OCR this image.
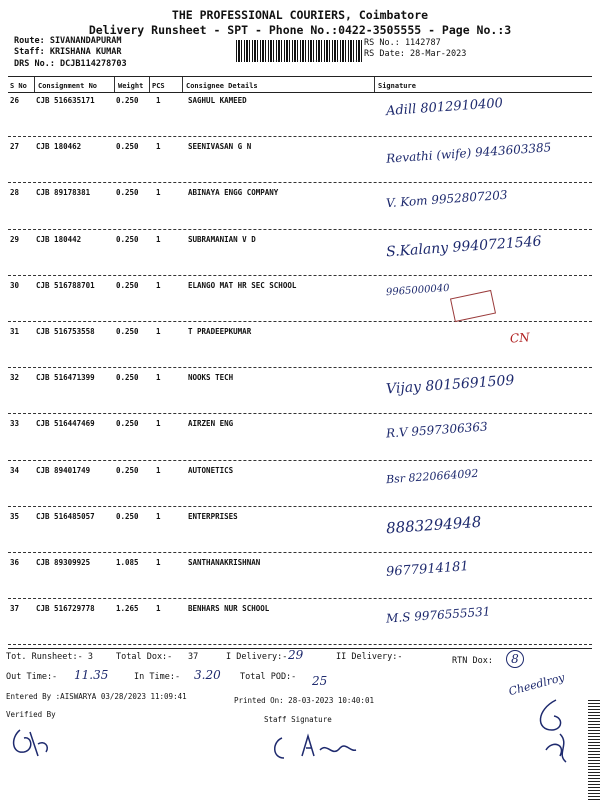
THE PROFESSIONAL COURIERS, Coimbatore
Delivery Runsheet - SPT - Phone No.:0422-3505555 - Page No.:3
Route: SIVANANDAPURAM
Staff: KRISHANA KUMAR
DRS No.: DCJB114278703
RS No.: 1142787
RS Date: 28-Mar-2023
S No Consignment No	Weight PCS	Consignee Details	Signature
26 CJB 516635171	0.250 1	SAGHUL KAMEED	Adill 8012910400
27 CJB 180462	0.250 1	SEENIVASAN G N	Revathi (wife) 9443603385
28 CJB 89178381	0.250 1	ABINAYA ENGG COMPANY	V. Kom 9952807203
29 CJB 180442	0.250 1	SUBRAMANIAN V D	S.Kalany 9940721546
30 CJB 516788701	0.250 1	ELANGO MAT HR SEC SCHOOL	9965000040
31 CJB 516753558	0.250 1	T PRADEEPKUMAR	CN
32 CJB 516471399	0.250 1	NOOKS TECH	Vijay 8015691509
33 CJB 516447469	0.250 1	AIRZEN ENG	R.V 9597306363
34 CJB 89401749	0.250 1	AUTONETICS	Bsr 8220664092
35 CJB 516485057	0.250 1	ENTERPRISES	8883294948
36 CJB 89309925	1.085 1	SANTHANAKRISHNAN	9677914181
37 CJB 516729778	1.265 1	BENHARS NUR SCHOOL	M.S 9976555531
Tot. Runsheet:- 3	Total Dox:- 37	I Delivery:- 29	II Delivery:-	RTN Dox:	8
Out Time:- 11.35	In Time:- 3.20 Total POD:- 25
Entered By :AISWARYA 03/28/2023 11:09:41	Printed On: 28-03-2023 10:40:01
Verified By
Staff Signature
Cheedlroy
